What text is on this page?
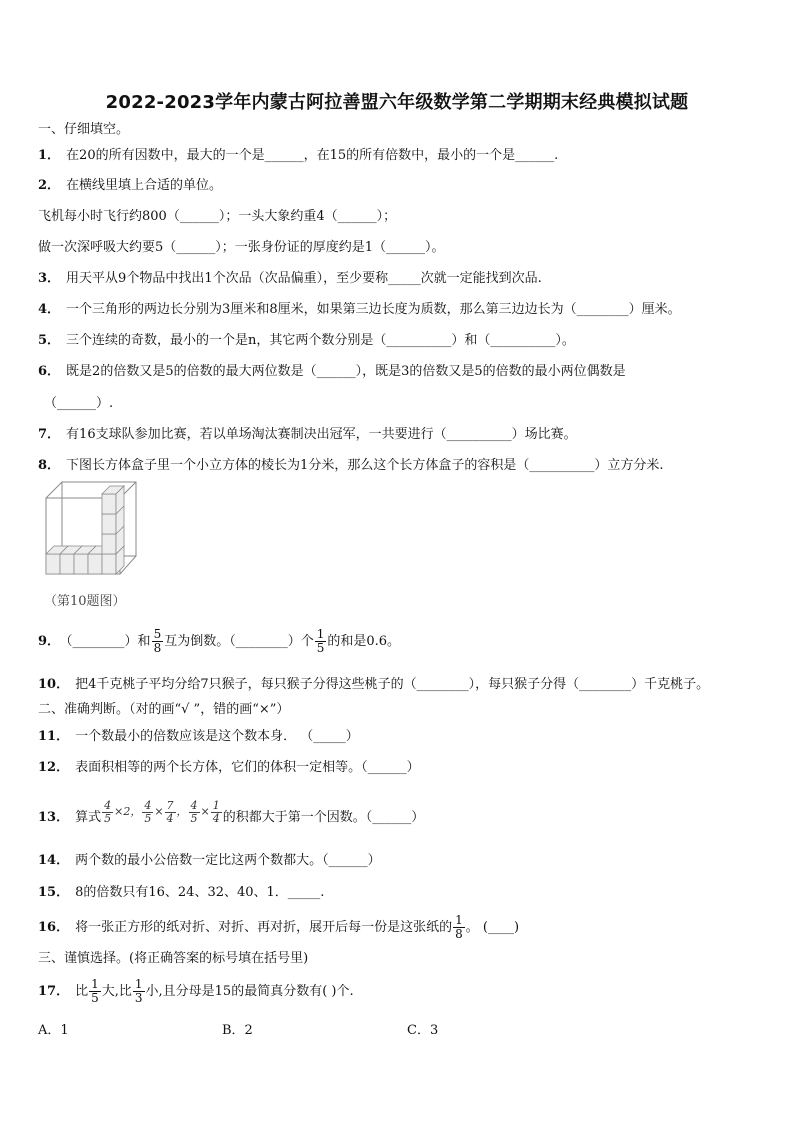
2022-2023学年内蒙古阿拉善盟六年级数学第二学期期末经典模拟试题
一、仔细填空。
1． 在20的所有因数中，最大的一个是______，在15的所有倍数中，最小的一个是______.
2． 在横线里填上合适的单位。
飞机每小时飞行约800（______）；一头大象约重4（______）；
做一次深呼吸大约要5（______）；一张身份证的厚度约是1（______）。
3． 用天平从9个物品中找出1个次品（次品偏重），至少要称_____次就一定能找到次品.
4． 一个三角形的两边长分别为3厘米和8厘米，如果第三边长度为质数，那么第三边边长为（________）厘米。
5． 三个连续的奇数，最小的一个是n，其它两个数分别是（__________）和（__________）。
6． 既是2的倍数又是5的倍数的最大两位数是（______），既是3的倍数又是5的倍数的最小两位偶数是
（______）.
7． 有16支球队参加比赛，若以单场淘汰赛制决出冠军，一共要进行（__________）场比赛。
8． 下图长方体盒子里一个小立方体的棱长为1分米，那么这个长方体盒子的容积是（__________）立方分米.
（第10题图）
9． （________）和 $\frac{5}{8}$ 互为倒数。（________）个 $\frac{1}{5}$ 的和是0.6。
10． 把4千克桃子平均分给7只猴子，每只猴子分得这些桃子的（________），每只猴子分得（________）千克桃子。
二、准确判断。（对的画“√ ”，错的画“×”）
11． 一个数最小的倍数应该是这个数本身． （_____）
12． 表面积相等的两个长方体，它们的体积一定相等。（______）
13． 算式 $\frac{4}{5} \times 2$， $\frac{4}{5} \times \frac{7}{4}$ ， $\frac{4}{5} \times \frac{1}{4}$ 的积都大于第一个因数。（______）
14． 两个数的最小公倍数一定比这两个数都大。（______）
15． 8的倍数只有16、24、32、40、1．_____.
16． 将一张正方形的纸对折、对折、再对折，展开后每一份是这张纸的 $\frac{1}{8}$ 。 (____)
三、谨慎选择。(将正确答案的标号填在括号里)
17． 比 $\frac{1}{5}$ 大,比 $\frac{1}{3}$ 小,且分母是15的最简真分数有( )个.
A．1	B．2	C．3
